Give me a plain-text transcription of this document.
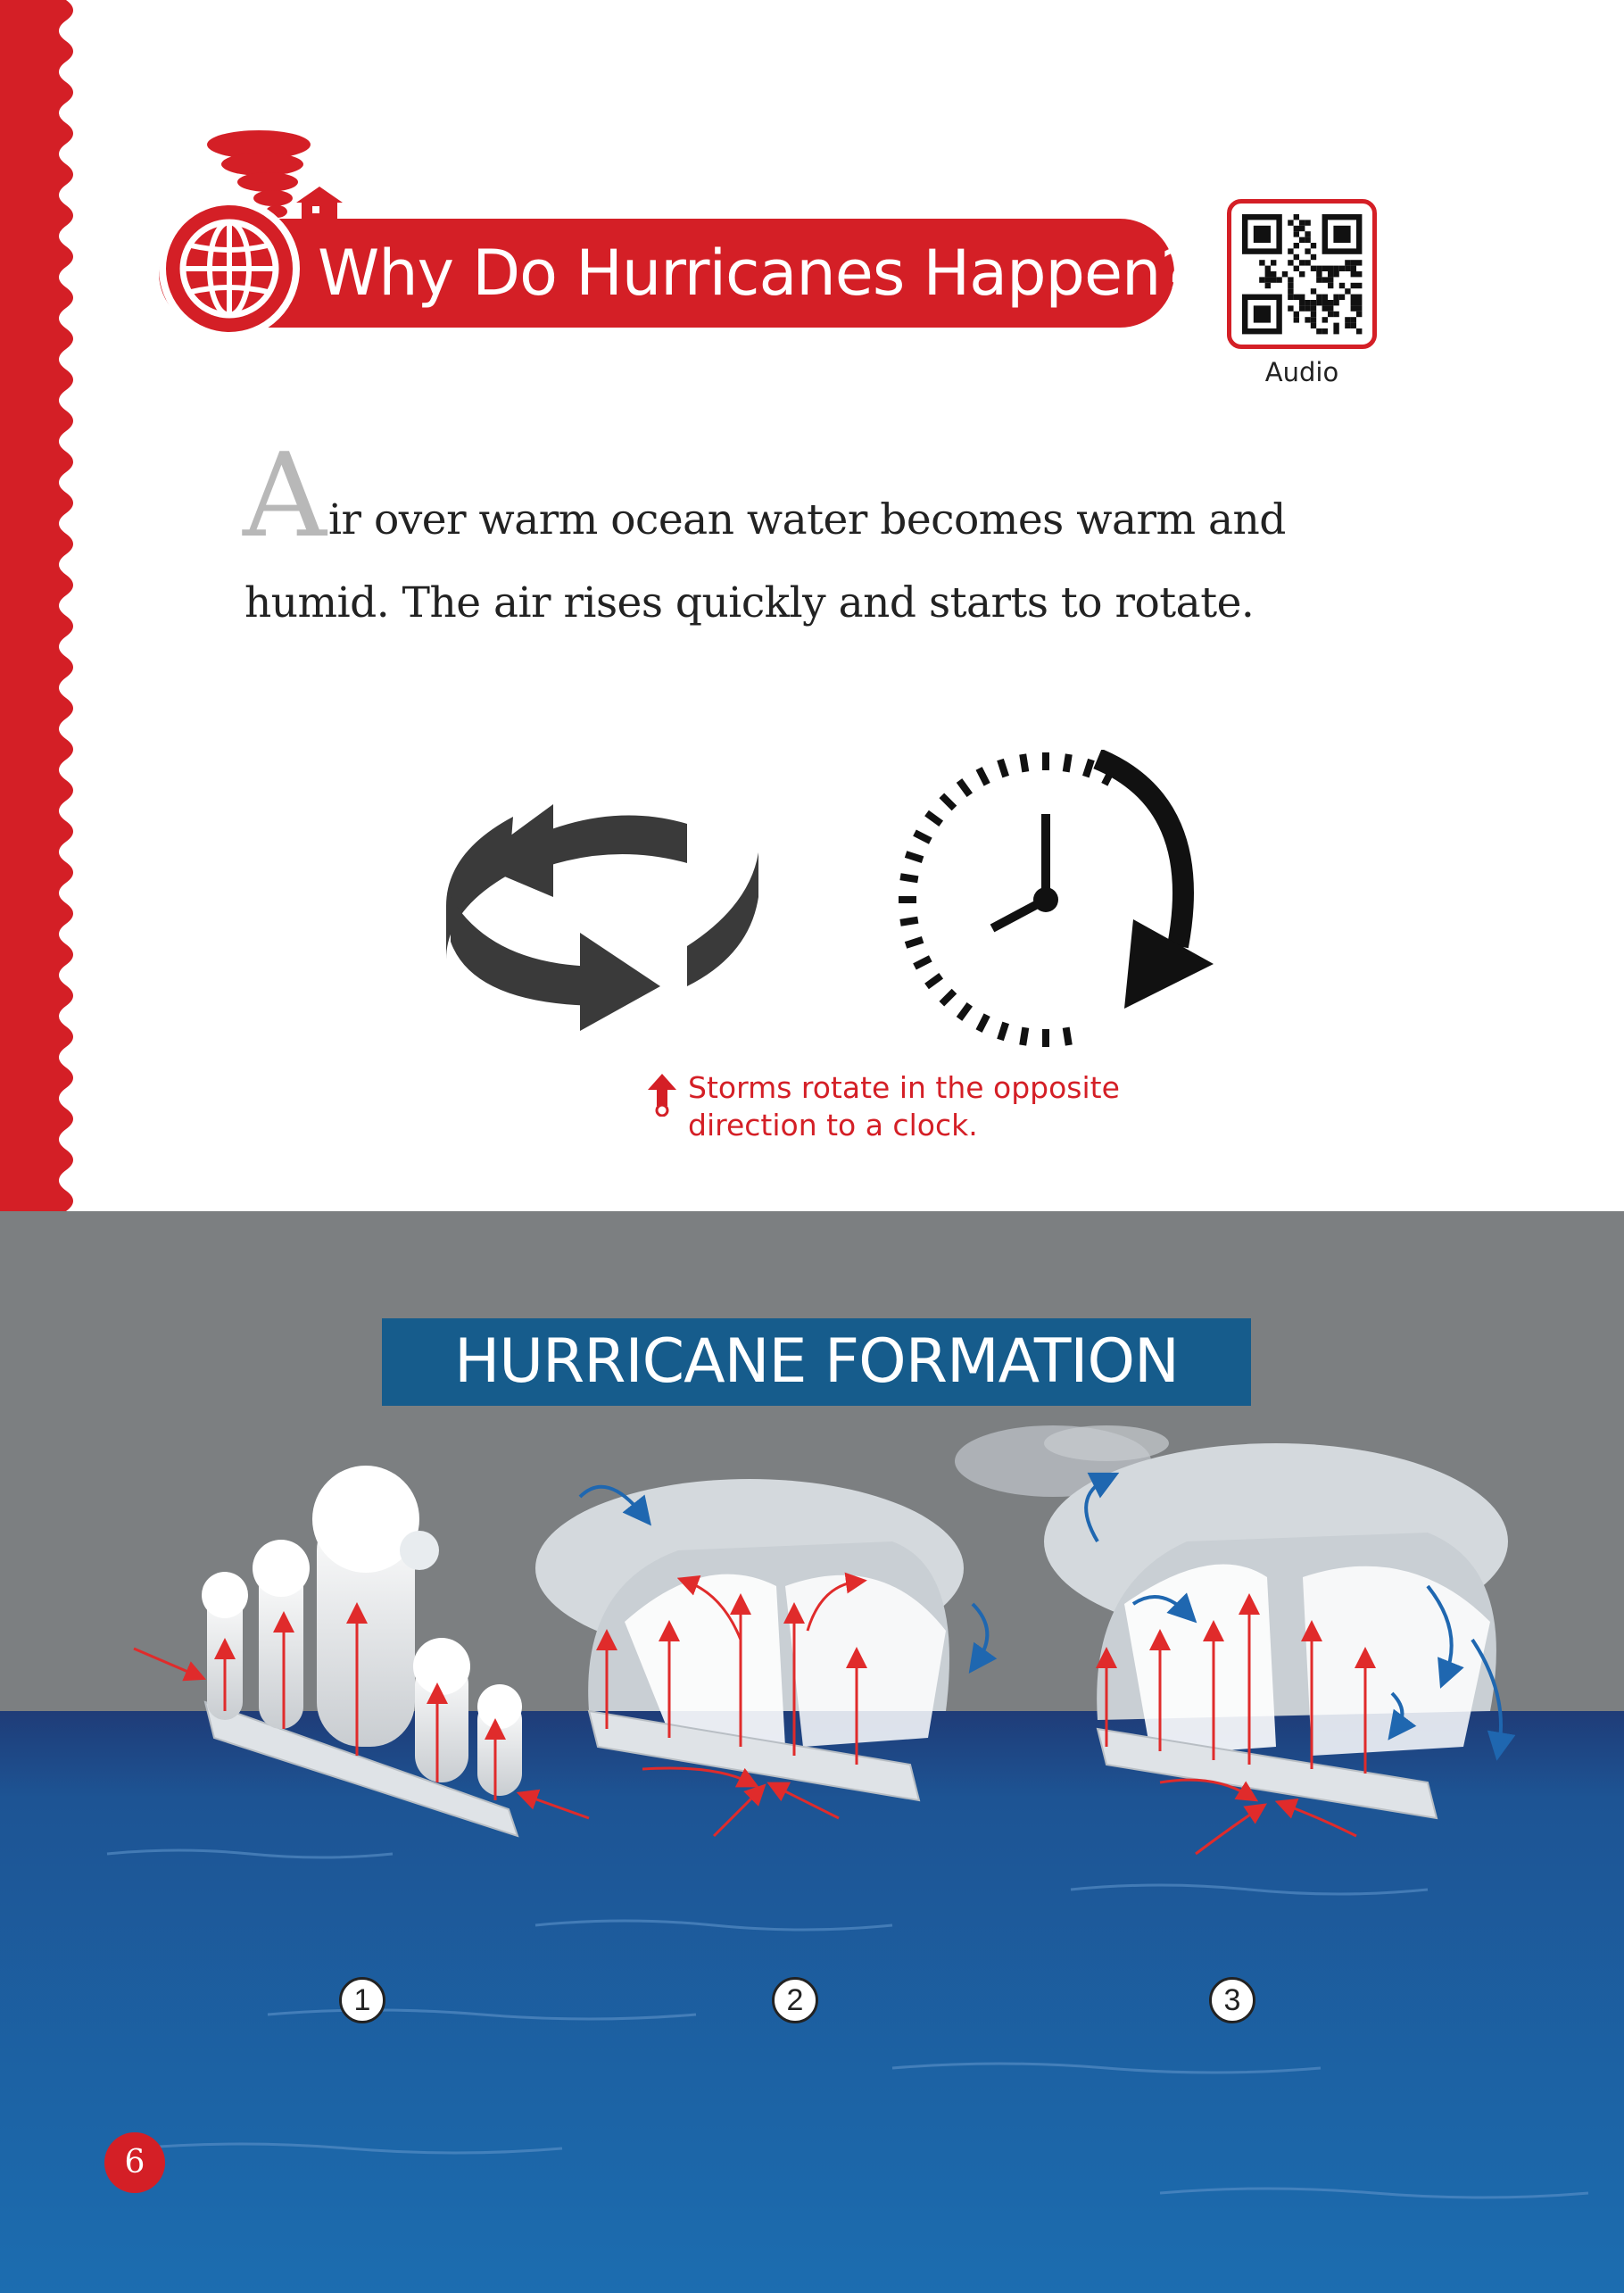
Why Do Hurricanes Happen?
Audio
A ir over warm ocean water becomes warm and
humid. The air rises quickly and starts to rotate.
Storms rotate in the opposite
direction to a clock.
HURRICANE FORMATION
1	2	3
6
